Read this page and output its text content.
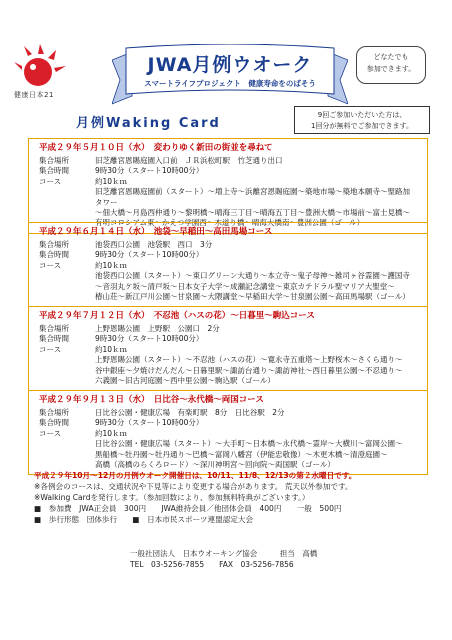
健康日本21
JWA月例ウオーク
スマートライフプロジェクト　健康寿命をのばそう
どなたでも
参加できます。
月例Waking Card
9回ご参加いただいた方は、
1回分が無料でご参加できます。
平成２９年５月１０日（水）　変わりゆく新田の街並を尋ねて
集合場所	旧芝離宮恩賜庭園入口前　ＪＲ浜松町駅　竹芝通り出口
集合時間	9時30分（スタート10時00分）
コース	約10ｋｍ
旧芝離宮恩賜庭園前（スタート）～増上寺～浜離宮恩賜庭園～築地市場～築地本願寺～聖路加タワー
～佃大橋～月島西仲通り～黎明橋～晴海三丁目～晴海五丁目～豊洲大橋～市場前～富士見橋～
有明コロシアム東～かえつ学園西～木道り橋～晴海大橋南～豊洲公園（ゴール）
平成２９年６月１４日（水）　池袋～早稲田～高田馬場コース
集合場所	池袋西口公園　池袋駅　西口　3分
集合時間	9時30分（スタート10時00分）
コース	約10ｋｍ
池袋西口公園（スタート）～東口グリーン大通り～本立寺～鬼子母神～雑司ヶ谷霊園～護国寺
～音羽丸ケ坂～清戸坂～日本女子大学～成瀬記念講堂～東京カテドラル聖マリア大聖堂～
椿山荘～新江戸川公園～甘泉園～大隈講堂～早稲田大学～甘泉園公園～高田馬場駅（ゴール）
平成２９年７月１２日（水）　不忍池（ハスの花）～日暮里～駒込コース
集合場所	上野恩賜公園　上野駅　公園口　2分
集合時間	9時30分（スタート10時00分）
コース	約10ｋｍ
上野恩賜公園（スタート）～不忍池（ハスの花）～寛永寺五重塔～上野桜木～さくら通り～
谷中銀座～夕焼けだんだん～日暮里駅～諏訪台通り～諏訪神社～西日暮里公園～不忍通り～
六義園～旧古河庭園～西中里公園～駒込駅（ゴール）
平成２９年９月１３日（水）　日比谷～永代橋～両国コース
集合場所	日比谷公園・健康広場　有楽町駅　8分　日比谷駅　2分
集合時間	9時30分（スタート10時00分）
コース	約10ｋｍ
日比谷公園・健康広場（スタート）～大手町～日本橋～永代橋～霊岸～大横川～富岡公園～
黒船橋～牡丹園～牡丹通り～巴橋～富岡八幡宮（伊能忠敬像）～木更木橋～清澄庭園～
高橋（高橋のらくろロード）～深川神明宮～回向院～両国駅（ゴール）
平成２９年10月～12月の月例ウオーク開催日は、10/11、11/8、12/13の第２水曜日です。
※各例会のコースは、交通状況や下見等により変更する場合があります。 荒天以外参加です。
※Walking Cardを発行します。（参加回数により、参加無料特典がございます。）
■　参加費　JWA正会員　300円　　JWA維持会員／他団体会員　400円　　一般　500円
■　歩行形態　団体歩行　　■　日本市民スポーツ連盟認定大会
一般社団法人　日本ウオーキング協会　　　担当　高橋
TEL　03-5256-7855　　FAX　03-5256-7856
